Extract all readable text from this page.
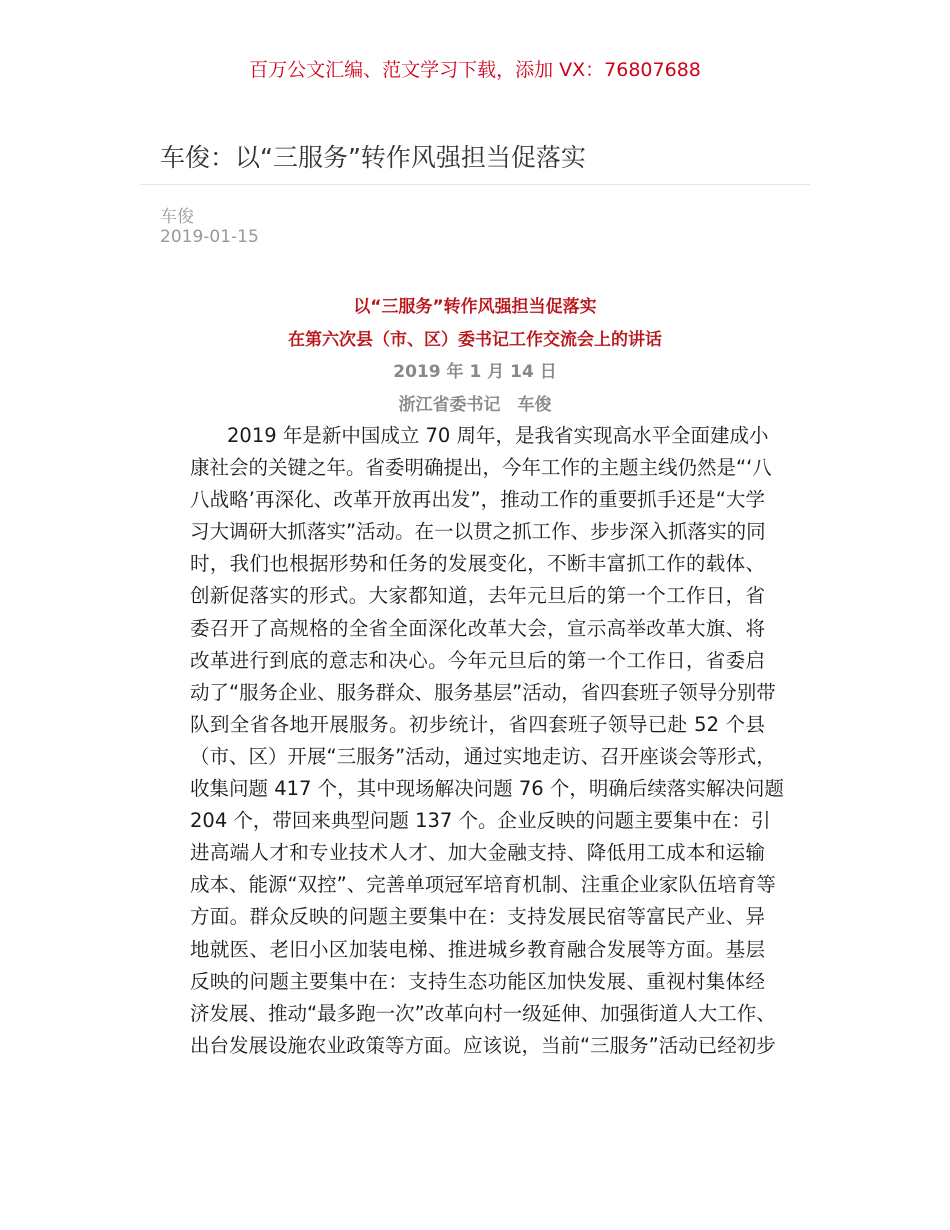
百万公文汇编、范文学习下载，添加 VX：76807688
车俊：以“三服务”转作风强担当促落实
车俊
2019-01-15
以“三服务”转作风强担当促落实
在第六次县（市、区）委书记工作交流会上的讲话
2019 年 1 月 14 日
浙江省委书记　车俊
2019 年是新中国成立 70 周年，是我省实现高水平全面建成小
康社会的关键之年。省委明确提出，今年工作的主题主线仍然是“‘八
八战略’再深化、改革开放再出发”，推动工作的重要抓手还是“大学
习大调研大抓落实”活动。在一以贯之抓工作、步步深入抓落实的同
时，我们也根据形势和任务的发展变化，不断丰富抓工作的载体、
创新促落实的形式。大家都知道，去年元旦后的第一个工作日，省
委召开了高规格的全省全面深化改革大会，宣示高举改革大旗、将
改革进行到底的意志和决心。今年元旦后的第一个工作日，省委启
动了“服务企业、服务群众、服务基层”活动，省四套班子领导分别带
队到全省各地开展服务。初步统计，省四套班子领导已赴 52 个县
（市、区）开展“三服务”活动，通过实地走访、召开座谈会等形式，
收集问题 417 个，其中现场解决问题 76 个，明确后续落实解决问题
204 个，带回来典型问题 137 个。企业反映的问题主要集中在：引
进高端人才和专业技术人才、加大金融支持、降低用工成本和运输
成本、能源“双控”、完善单项冠军培育机制、注重企业家队伍培育等
方面。群众反映的问题主要集中在：支持发展民宿等富民产业、异
地就医、老旧小区加装电梯、推进城乡教育融合发展等方面。基层
反映的问题主要集中在：支持生态功能区加快发展、重视村集体经
济发展、推动“最多跑一次”改革向村一级延伸、加强街道人大工作、
出台发展设施农业政策等方面。应该说，当前“三服务”活动已经初步
